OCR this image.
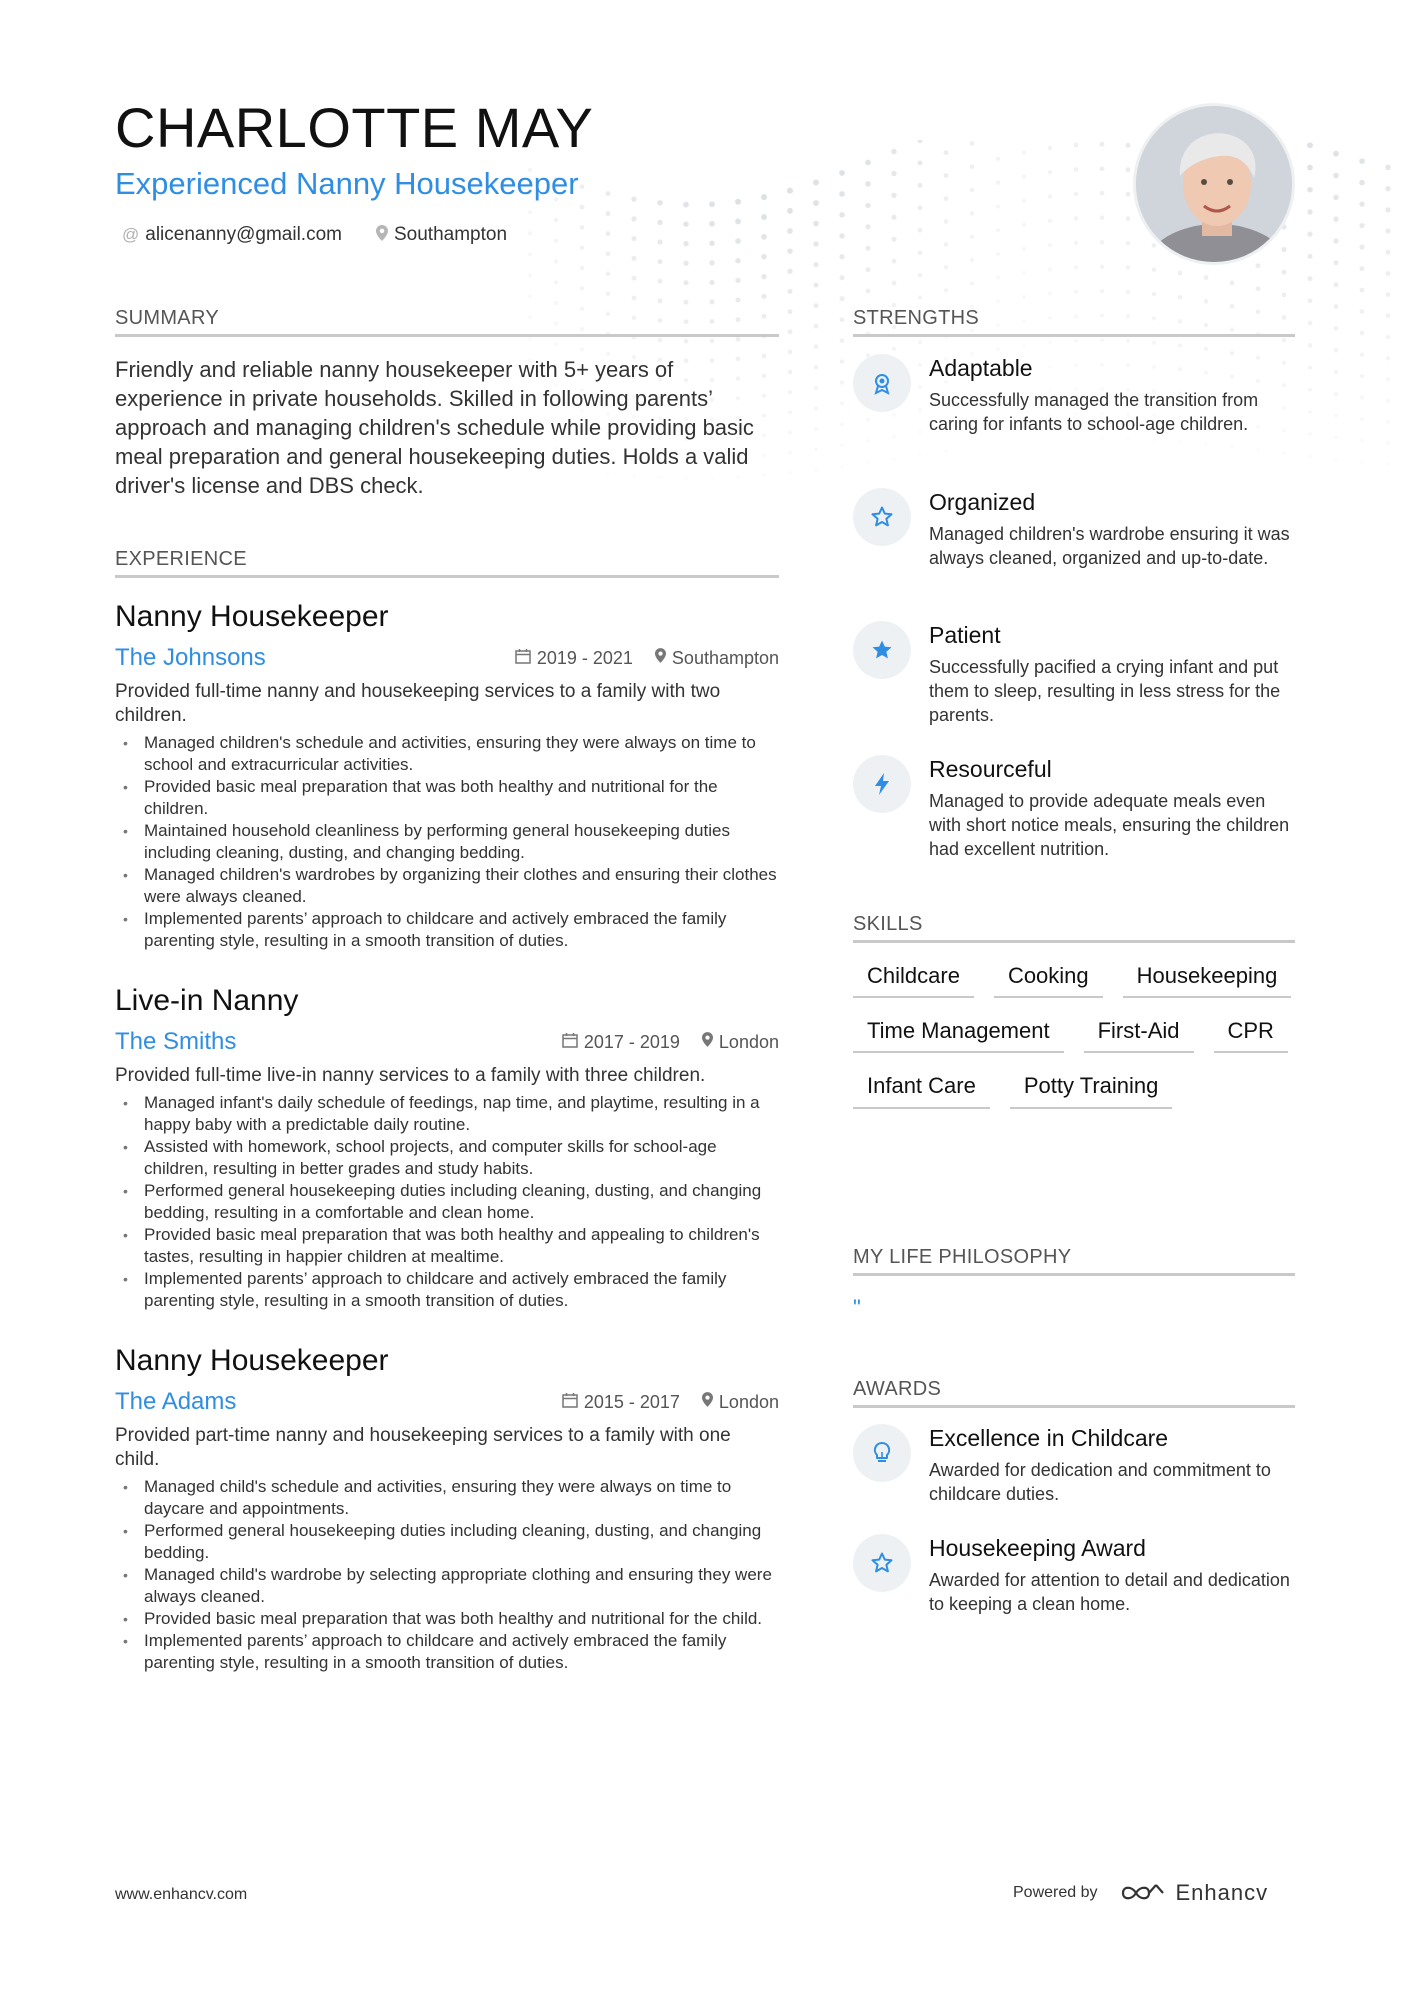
CHARLOTTE MAY
Experienced Nanny Housekeeper
@ alicenanny@gmail.com	Southampton
SUMMARY

Friendly and reliable nanny housekeeper with 5+ years of experience in private households. Skilled in following parents’ approach and managing children's schedule while providing basic meal preparation and general housekeeping duties. Holds a valid driver's license and DBS check.

EXPERIENCE
Nanny Housekeeper
The Johnsons	2019 - 2021 Southampton
Provided full-time nanny and housekeeping services to a family with two children.
• Managed children's schedule and activities, ensuring they were always on time to school and extracurricular activities.
• Provided basic meal preparation that was both healthy and nutritional for the children.
• Maintained household cleanliness by performing general housekeeping duties including cleaning, dusting, and changing bedding.
• Managed children's wardrobes by organizing their clothes and ensuring their clothes were always cleaned.
• Implemented parents’ approach to childcare and actively embraced the family parenting style, resulting in a smooth transition of duties.
Live-in Nanny
The Smiths	2017 - 2019 London
Provided full-time live-in nanny services to a family with three children.
• Managed infant's daily schedule of feedings, nap time, and playtime, resulting in a happy baby with a predictable daily routine.
• Assisted with homework, school projects, and computer skills for school-age children, resulting in better grades and study habits.
• Performed general housekeeping duties including cleaning, dusting, and changing bedding, resulting in a comfortable and clean home.
• Provided basic meal preparation that was both healthy and appealing to children's tastes, resulting in happier children at mealtime.
• Implemented parents’ approach to childcare and actively embraced the family parenting style, resulting in a smooth transition of duties.
Nanny Housekeeper
The Adams	2015 - 2017 London
Provided part-time nanny and housekeeping services to a family with one child.
• Managed child's schedule and activities, ensuring they were always on time to daycare and appointments.
• Performed general housekeeping duties including cleaning, dusting, and changing bedding.
• Managed child's wardrobe by selecting appropriate clothing and ensuring they were always cleaned.
• Provided basic meal preparation that was both healthy and nutritional for the child.
• Implemented parents’ approach to childcare and actively embraced the family parenting style, resulting in a smooth transition of duties.
STRENGTHS
Adaptable
Successfully managed the transition from caring for infants to school-age children.
Organized
Managed children's wardrobe ensuring it was always cleaned, organized and up-to-date.
Patient
Successfully pacified a crying infant and put them to sleep, resulting in less stress for the parents.
Resourceful
Managed to provide adequate meals even with short notice meals, ensuring the children had excellent nutrition.
SKILLS
Childcare	Cooking	Housekeeping
Time Management	First-Aid	CPR
Infant Care	Potty Training
MY LIFE PHILOSOPHY
"
AWARDS
Excellence in Childcare
Awarded for dedication and commitment to childcare duties.
Housekeeping Award
Awarded for attention to detail and dedication to keeping a clean home.
www.enhancv.com	Powered by	Enhancv
